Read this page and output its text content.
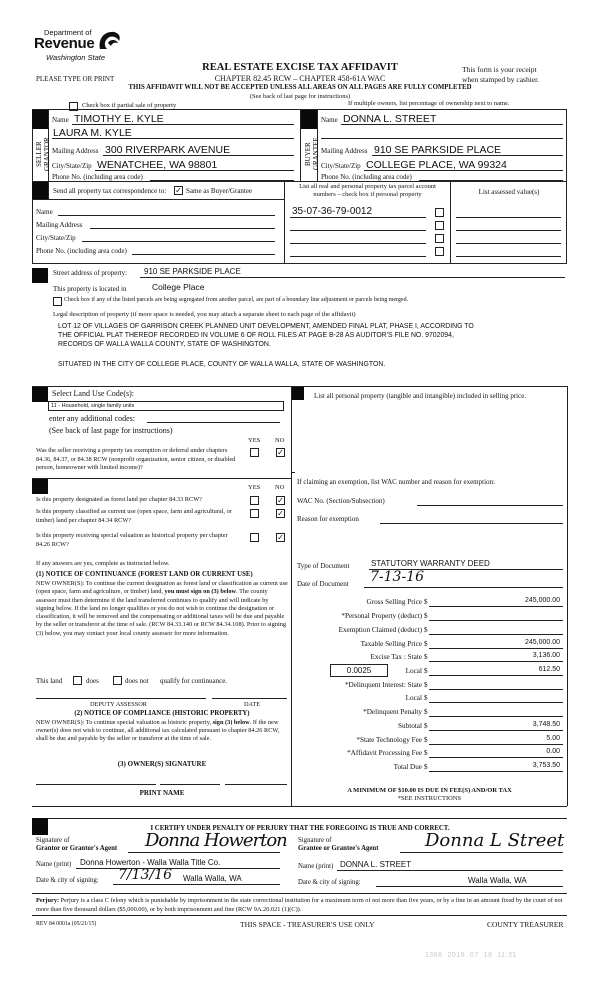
Department of
Revenue
Washington State
PLEASE TYPE OR PRINT
REAL ESTATE EXCISE TAX AFFIDAVIT
CHAPTER 82.45 RCW – CHAPTER 458-61A WAC
This form is your receipt
when stamped by cashier.
THIS AFFIDAVIT WILL NOT BE ACCEPTED UNLESS ALL AREAS ON ALL PAGES ARE FULLY COMPLETED
(See back of last page for instructions)
Check box if partial sale of property	If multiple owners, list percentage of ownership next to name.
SELLER GRANTOR
Name TIMOTHY E. KYLE
LAURA M. KYLE
Mailing Address 300 RIVERPARK AVENUE
City/State/Zip WENATCHEE, WA 98801
Phone No. (including area code)
BUYER GRANTEE
Name DONNA L. STREET
Mailing Address 910 SE PARKSIDE PLACE
City/State/Zip COLLEGE PLACE, WA 99324
Phone No. (including area code)
Send all property tax correspondence to: ✓ Same as Buyer/Grantee
Name
Mailing Address
City/State/Zip
Phone No. (including area code)
List all real and personal property tax parcel account
numbers – check box if personal property	List assessed value(s)
35-07-36-79-0012
Street address of property: 910 SE PARKSIDE PLACE
This property is located in	College Place
Check box if any of the listed parcels are being segregated from another parcel, are part of a boundary line adjustment or parcels being merged.
Legal description of property (if more space is needed, you may attach a separate sheet to each page of the affidavit)
LOT 12 OF VILLAGES OF GARRISON CREEK PLANNED UNIT DEVELOPMENT, AMENDED FINAL PLAT, PHASE I, ACCORDING TO
THE OFFICIAL PLAT THEREOF RECORDED IN VOLUME 6 OF ROLL FILES AT PAGE B-28 AS AUDITOR'S FILE NO. 9702094,
RECORDS OF WALLA WALLA COUNTY, STATE OF WASHINGTON.
SITUATED IN THE CITY OF COLLEGE PLACE, COUNTY OF WALLA WALLA, STATE OF WASHINGTON.
Select Land Use Code(s):
11 - Household, single family units
enter any additional codes:
(See back of last page for instructions)
YES NO
Was the seller receiving a property tax exemption or deferral under chapters 84.36, 84.37, or 84.38 RCW (nonprofit organization, senior citizen, or disabled person, homeowner with limited income)?
✓
YES NO
Is this property designated as forest land per chapter 84.33 RCW?	✓
Is this property classified as current use (open space, farm and agricultural, or timber) land per chapter 84.34 RCW?
✓
Is this property receiving special valuation as historical property per chapter 84.26 RCW?
✓
If any answers are yes, complete as instructed below.
(1) NOTICE OF CONTINUANCE (FOREST LAND OR CURRENT USE)
NEW OWNER(S): To continue the current designation as forest land or classification as current use (open space, farm and agriculture, or timber) land, you must sign on (3) below. The county assessor must then determine if the land transferred continues to qualify and will indicate by signing below. If the land no longer qualifies or you do not wish to continue the designation or classification, it will be removed and the compensating or additional taxes will be due and payable by the seller or transferor at the time of sale. (RCW 84.33.140 or RCW 84.34.108). Prior to signing (3) below, you may contact your local county assessor for more information.
This land	does	does not qualify for continuance.
DEPUTY ASSESSOR	DATE
(2) NOTICE OF COMPLIANCE (HISTORIC PROPERTY)
NEW OWNER(S): To continue special valuation as historic property, sign (3) below. If the new owner(s) does not wish to continue, all additional tax calculated pursuant to chapter 84.26 RCW, shall be due and payable by the seller or transferor at the time of sale.
(3) OWNER(S) SIGNATURE
PRINT NAME
List all personal property (tangible and intangible) included in selling price.
If claiming an exemption, list WAC number and reason for exemption:
WAC No. (Section/Subsection)
Reason for exemption
Type of Document	STATUTORY WARRANTY DEED
Date of Document 7-13-16
Gross Selling Price $	245,000.00
*Personal Property (deduct) $
Exemption Claimed (deduct) $
Taxable Selling Price $	245,000.00
Excise Tax : State $	3,136.00
0.0025	Local $	612.50
*Delinquent Interest: State $
Local $
*Delinquent Penalty $
Subtotal $	3,748.50
*State Technology Fee $	5.00
*Affidavit Processing Fee $	0.00
Total Due $	3,753.50
A MINIMUM OF $10.00 IS DUE IN FEE(S) AND/OR TAX
*SEE INSTRUCTIONS
I CERTIFY UNDER PENALTY OF PERJURY THAT THE FOREGOING IS TRUE AND CORRECT.
Signature of
Grantor or Grantor's Agent Donna Howerton
Name (print) Donna Howerton - Walla Walla Title Co.
Date & city of signing: 7/13/16 Walla Walla, WA
Signature of
Grantee or Grantee's Agent	Donna L Street
Name (print) DONNA L. STREET
Date & city of signing:	Walla Walla, WA
Perjury: Perjury is a class C felony which is punishable by imprisonment in the state correctional institution for a maximum term of not more than five years, or by a fine in an amount fixed by the court of not more than five thousand dollars ($5,000.00), or by both imprisonment and fine (RCW 9A.20.021 (1)(C)).
REV 84 0001a (05/21/15)	THIS SPACE - TREASURER'S USE ONLY	COUNTY TREASURER
1368  2016  07  19  11:31
